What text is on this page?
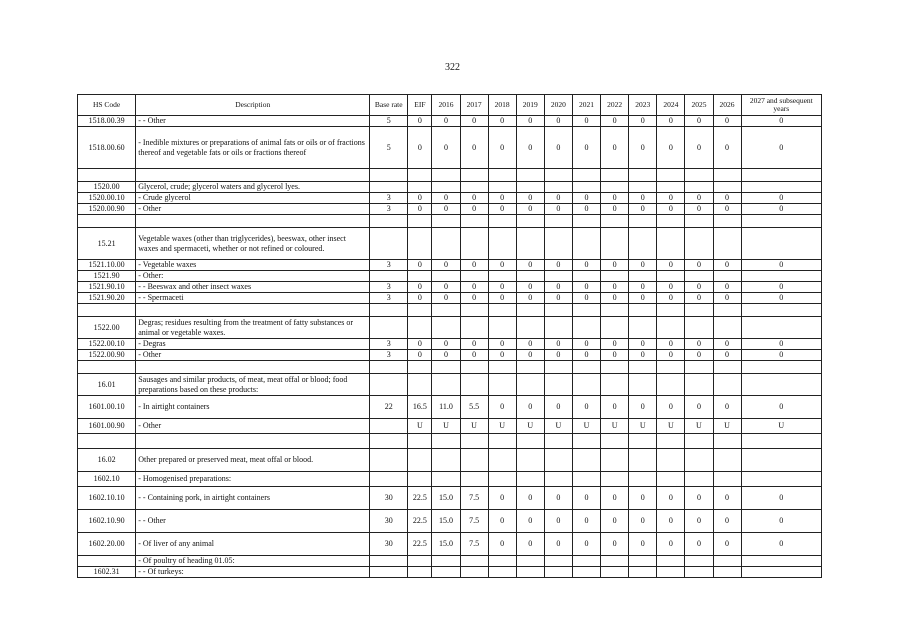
322
HS Code	Description	Base rate	EIF	2016	2017	2018	2019	2020	2021	2022	2023	2024	2025	2026	2027 and subsequent years
1518.00.39	- - Other	5	0	0	0	0	0	0	0	0	0	0	0	0	0
1518.00.60	- Inedible mixtures or preparations of animal fats or oils or of fractions thereof and vegetable fats or oils or fractions thereof	5	0	0	0	0	0	0	0	0	0	0	0	0	0

1520.00	Glycerol, crude; glycerol waters and glycerol lyes.														
1520.00.10	- Crude glycerol	3	0	0	0	0	0	0	0	0	0	0	0	0	0
1520.00.90	- Other	3	0	0	0	0	0	0	0	0	0	0	0	0	0

15.21	Vegetable waxes (other than triglycerides), beeswax, other insect waxes and spermaceti, whether or not refined or coloured.														
1521.10.00	- Vegetable waxes	3	0	0	0	0	0	0	0	0	0	0	0	0	0
1521.90	- Other:														
1521.90.10	- - Beeswax and other insect waxes	3	0	0	0	0	0	0	0	0	0	0	0	0	0
1521.90.20	- - Spermaceti	3	0	0	0	0	0	0	0	0	0	0	0	0	0

1522.00	Degras; residues resulting from the treatment of fatty substances or animal or vegetable waxes.														
1522.00.10	- Degras	3	0	0	0	0	0	0	0	0	0	0	0	0	0
1522.00.90	- Other	3	0	0	0	0	0	0	0	0	0	0	0	0	0

16.01	Sausages and similar products, of meat, meat offal or blood; food preparations based on these products:														
1601.00.10	- In airtight containers	22	16.5	11.0	5.5	0	0	0	0	0	0	0	0	0	0
1601.00.90	- Other		U	U	U	U	U	U	U	U	U	U	U	U	U

16.02	Other prepared or preserved meat, meat offal or blood.														
1602.10	- Homogenised preparations:														
1602.10.10	- - Containing pork, in airtight containers	30	22.5	15.0	7.5	0	0	0	0	0	0	0	0	0	0
1602.10.90	- - Other	30	22.5	15.0	7.5	0	0	0	0	0	0	0	0	0	0
1602.20.00	- Of liver of any animal	30	22.5	15.0	7.5	0	0	0	0	0	0	0	0	0	0
	- Of poultry of heading 01.05:														
1602.31	- - Of turkeys:														
